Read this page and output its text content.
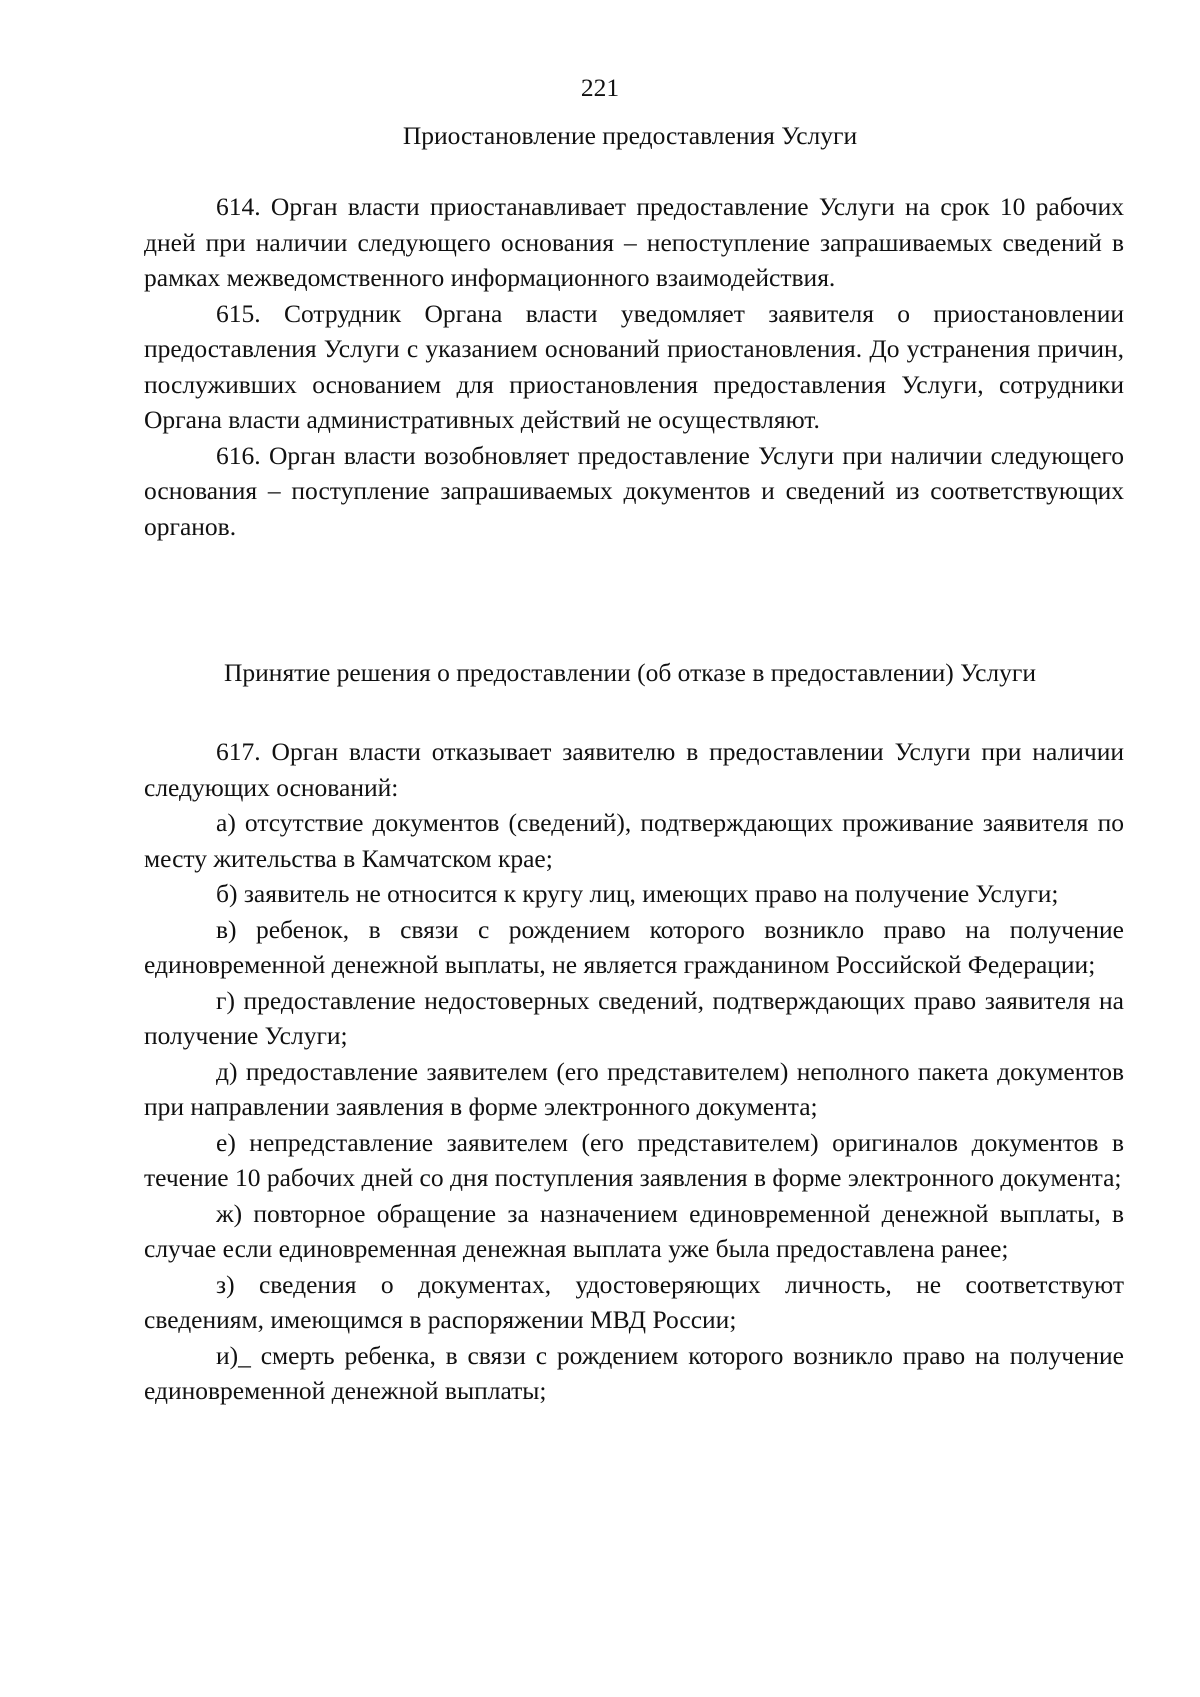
221

Приостановление предоставления Услуги

614. Орган власти приостанавливает предоставление Услуги на срок 10 рабочих дней при наличии следующего основания – непоступление запрашиваемых сведений в рамках межведомственного информационного взаимодействия.

615. Сотрудник Органа власти уведомляет заявителя о приостановлении предоставления Услуги с указанием оснований приостановления. До устранения причин, послуживших основанием для приостановления предоставления Услуги, сотрудники Органа власти административных действий не осуществляют.

616. Орган власти возобновляет предоставление Услуги при наличии следующего основания – поступление запрашиваемых документов и сведений из соответствующих органов.

Принятие решения о предоставлении (об отказе в предоставлении) Услуги

617. Орган власти отказывает заявителю в предоставлении Услуги при наличии следующих оснований:

а) отсутствие документов (сведений), подтверждающих проживание заявителя по месту жительства в Камчатском крае;

б) заявитель не относится к кругу лиц, имеющих право на получение Услуги;

в) ребенок, в связи с рождением которого возникло право на получение единовременной денежной выплаты, не является гражданином Российской Федерации;

г) предоставление недостоверных сведений, подтверждающих право заявителя на получение Услуги;

д) предоставление заявителем (его представителем) неполного пакета документов при направлении заявления в форме электронного документа;

е) непредставление заявителем (его представителем) оригиналов документов в течение 10 рабочих дней со дня поступления заявления в форме электронного документа;

ж) повторное обращение за назначением единовременной денежной выплаты, в случае если единовременная денежная выплата уже была предоставлена ранее;

з) сведения о документах, удостоверяющих личность, не соответствуют сведениям, имеющимся в распоряжении МВД России;

и)_ смерть ребенка, в связи с рождением которого возникло право на получение единовременной денежной выплаты;
